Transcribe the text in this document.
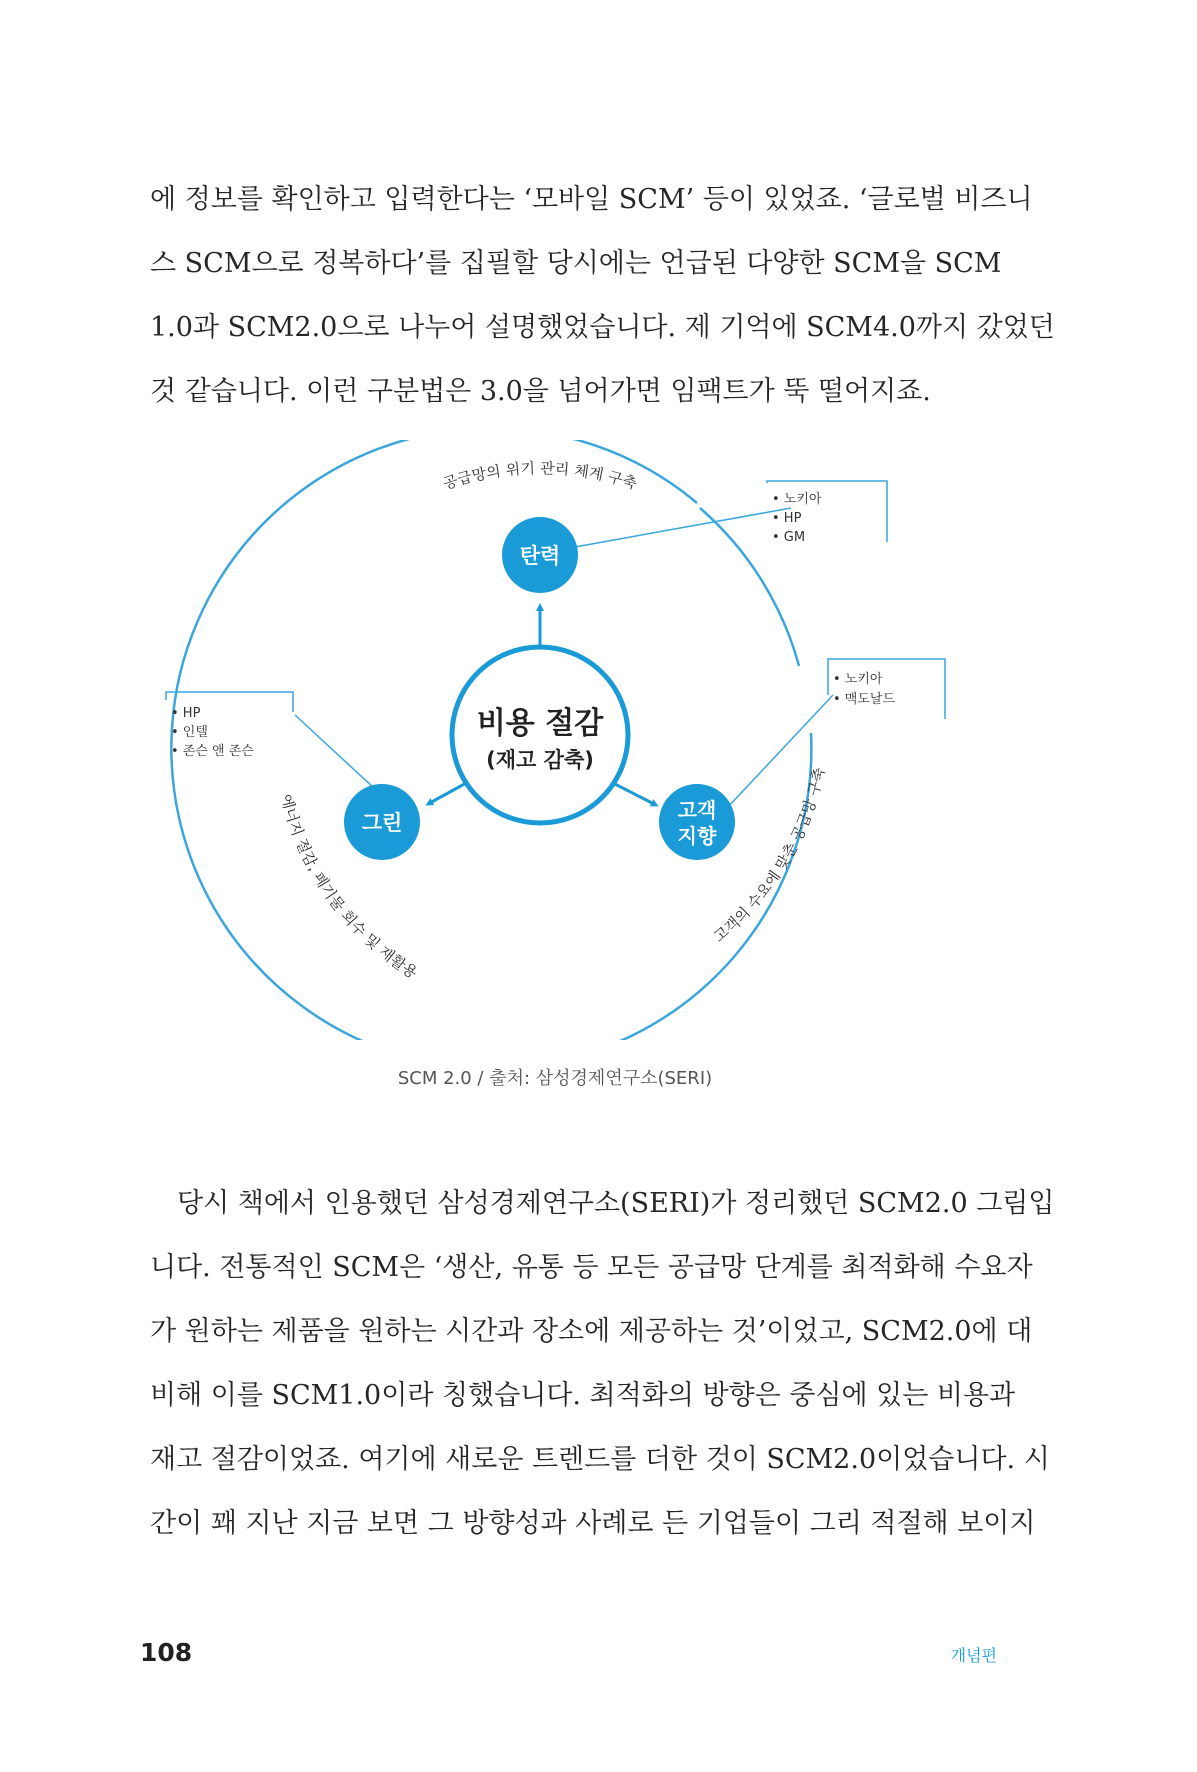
에 정보를 확인하고 입력한다는 ‘모바일 SCM’ 등이 있었죠. ‘글로벌 비즈니
스 SCM으로 정복하다’를 집필할 당시에는 언급된 다양한 SCM을 SCM
1.0과 SCM2.0으로 나누어 설명했었습니다. 제 기억에 SCM4.0까지 갔었던
것 같습니다. 이런 구분법은 3.0을 넘어가면 임팩트가 뚝 떨어지죠.
• 노키아
• HP
• GM
• 노키아
• 맥도날드
• HP
• 인텔
• 존슨 앤 존슨
비용 절감
(재고 감축)
탄력
그린
고객
지향
공급망의 위기 관리 체계 구축
에너지 절감, 폐기물 회수 및 재활용
고객의 수요에 맞춘 공급망 구축
SCM 2.0 / 출처: 삼성경제연구소(SERI)
당시 책에서 인용했던 삼성경제연구소(SERI)가 정리했던 SCM2.0 그림입
니다. 전통적인 SCM은 ‘생산, 유통 등 모든 공급망 단계를 최적화해 수요자
가 원하는 제품을 원하는 시간과 장소에 제공하는 것’이었고, SCM2.0에 대
비해 이를 SCM1.0이라 칭했습니다. 최적화의 방향은 중심에 있는 비용과
재고 절감이었죠. 여기에 새로운 트렌드를 더한 것이 SCM2.0이었습니다. 시
간이 꽤 지난 지금 보면 그 방향성과 사례로 든 기업들이 그리 적절해 보이지
108	개념편
